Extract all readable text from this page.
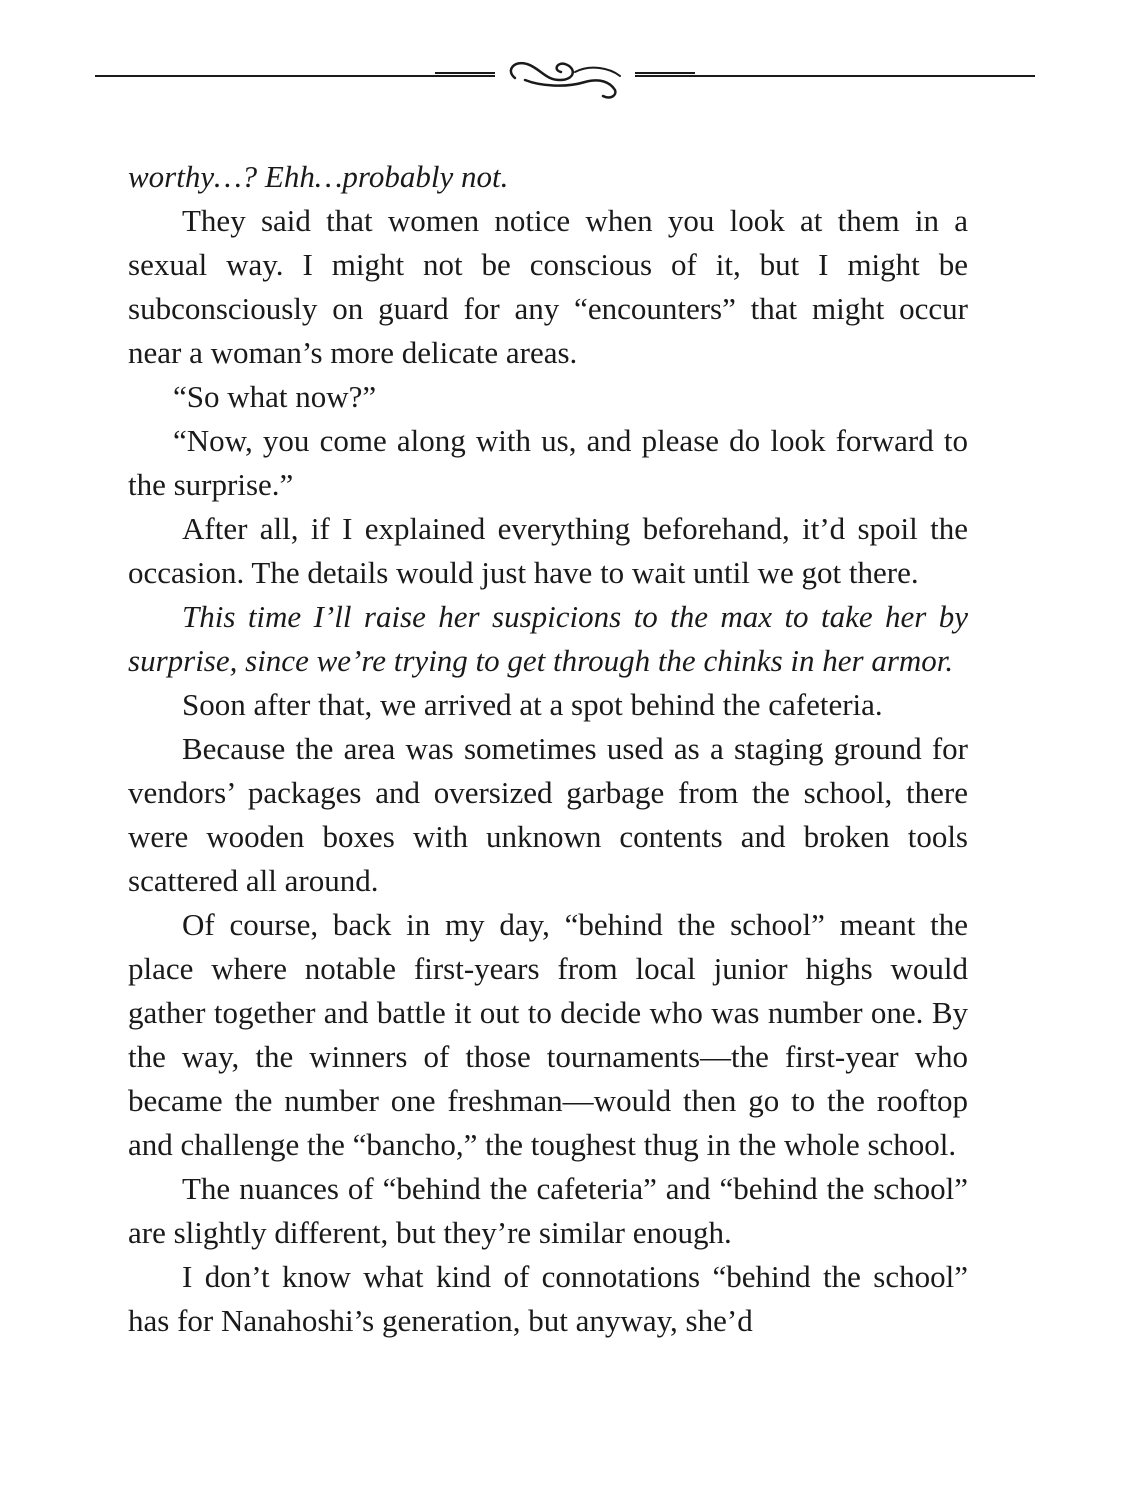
worthy…? Ehh…probably not.

They said that women notice when you look at them in a sexual way. I might not be conscious of it, but I might be subconsciously on guard for any “encounters” that might occur near a woman’s more delicate areas.

“So what now?”

“Now, you come along with us, and please do look forward to the surprise.”

After all, if I explained everything beforehand, it’d spoil the occasion. The details would just have to wait until we got there.

This time I’ll raise her suspicions to the max to take her by surprise, since we’re trying to get through the chinks in her armor.

Soon after that, we arrived at a spot behind the cafeteria.

Because the area was sometimes used as a staging ground for vendors’ packages and oversized garbage from the school, there were wooden boxes with unknown contents and broken tools scattered all around.

Of course, back in my day, “behind the school” meant the place where notable first-years from local junior highs would gather together and battle it out to decide who was number one. By the way, the winners of those tournaments—the first-year who became the number one freshman—would then go to the rooftop and challenge the “bancho,” the toughest thug in the whole school.

The nuances of “behind the cafeteria” and “behind the school” are slightly different, but they’re similar enough.

I don’t know what kind of connotations “behind the school” has for Nanahoshi’s generation, but anyway, she’d
